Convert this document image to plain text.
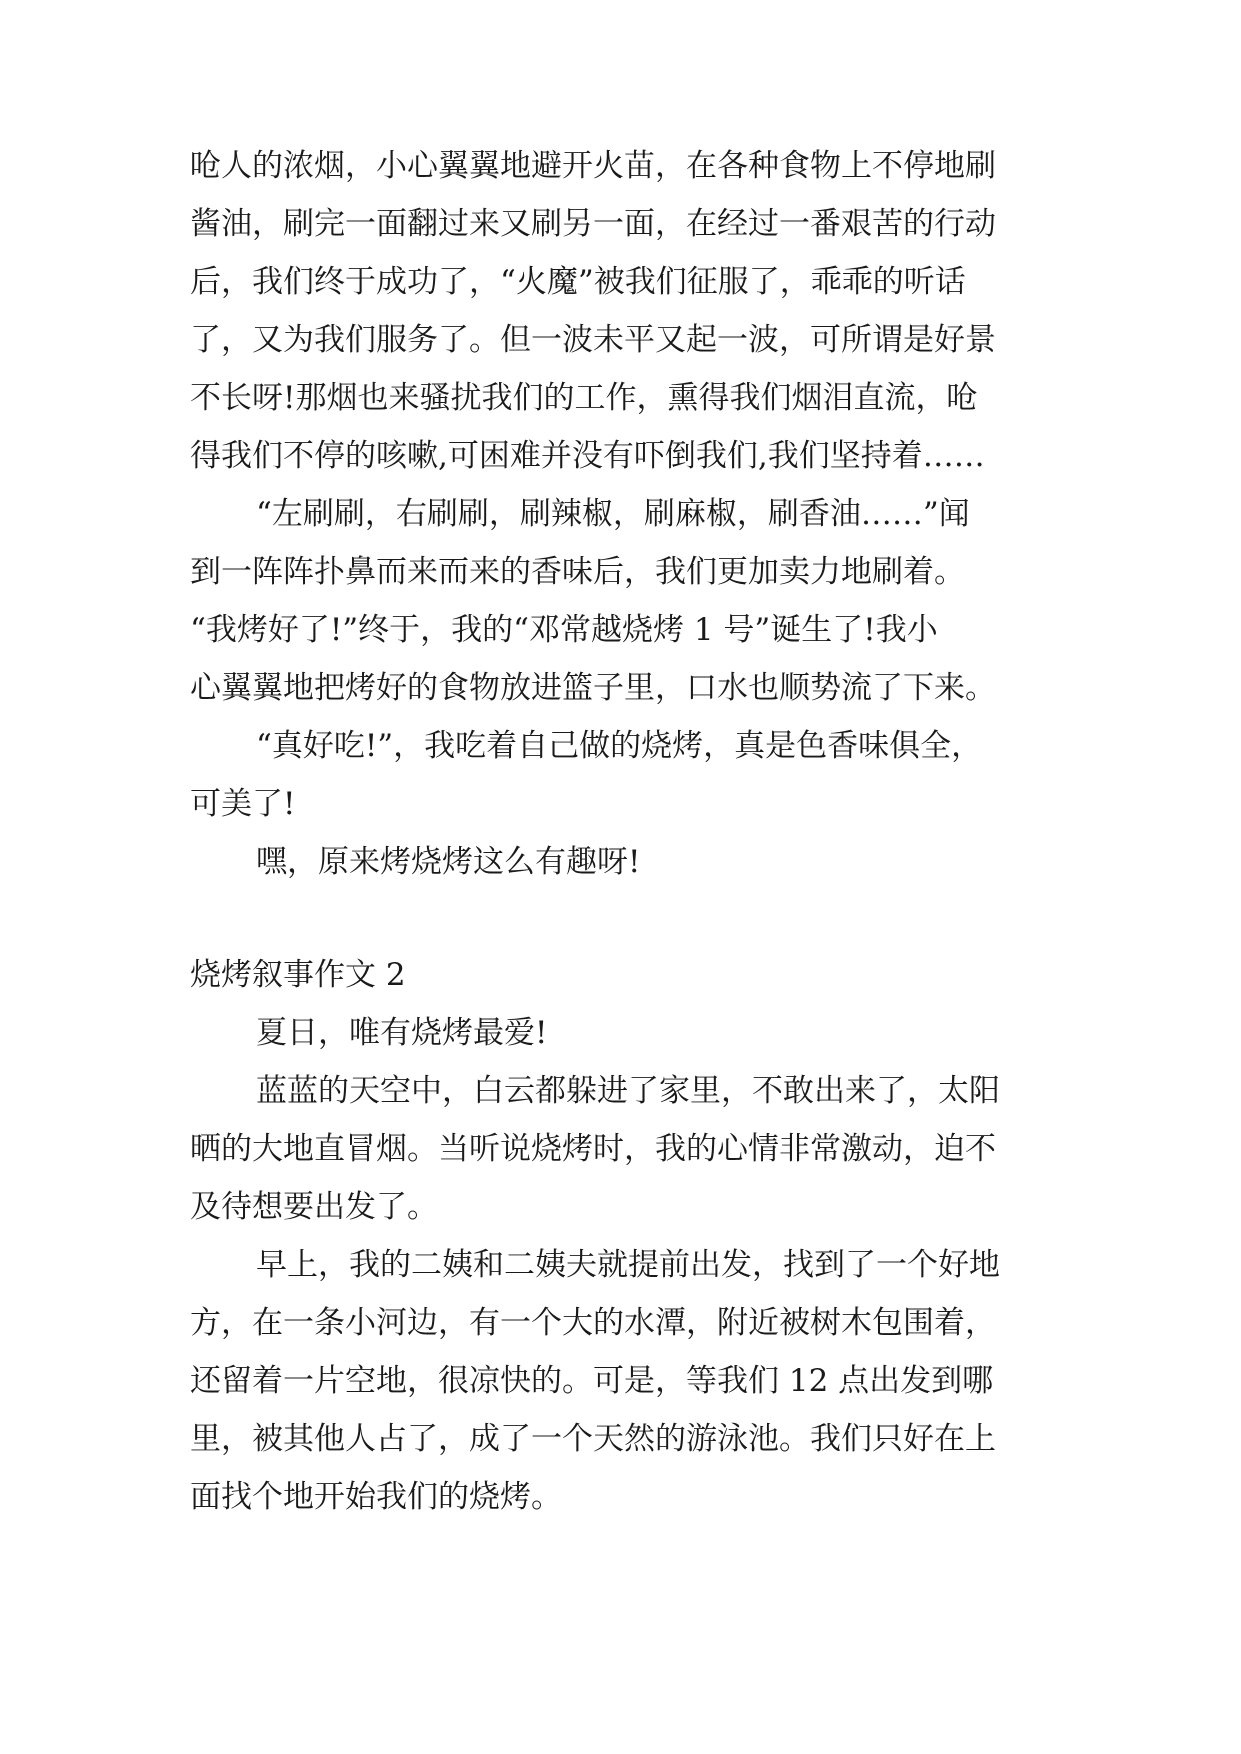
呛人的浓烟，小心翼翼地避开火苗，在各种食物上不停地刷
酱油，刷完一面翻过来又刷另一面，在经过一番艰苦的行动
后，我们终于成功了，“火魔”被我们征服了，乖乖的听话
了，又为我们服务了。但一波未平又起一波，可所谓是好景
不长呀!那烟也来骚扰我们的工作，熏得我们烟泪直流，呛
得我们不停的咳嗽,可困难并没有吓倒我们,我们坚持着……
“左刷刷，右刷刷，刷辣椒，刷麻椒，刷香油……”闻
到一阵阵扑鼻而来而来的香味后，我们更加卖力地刷着。
“我烤好了!”终于，我的“邓常越烧烤 1 号”诞生了!我小
心翼翼地把烤好的食物放进篮子里，口水也顺势流了下来。
“真好吃!”，我吃着自己做的烧烤，真是色香味俱全，
可美了!
嘿，原来烤烧烤这么有趣呀!
烧烤叙事作文 2
夏日，唯有烧烤最爱!
蓝蓝的天空中，白云都躲进了家里，不敢出来了，太阳
晒的大地直冒烟。当听说烧烤时，我的心情非常激动，迫不
及待想要出发了。
早上，我的二姨和二姨夫就提前出发，找到了一个好地
方，在一条小河边，有一个大的水潭，附近被树木包围着，
还留着一片空地，很凉快的。可是，等我们 12 点出发到哪
里，被其他人占了，成了一个天然的游泳池。我们只好在上
面找个地开始我们的烧烤。
